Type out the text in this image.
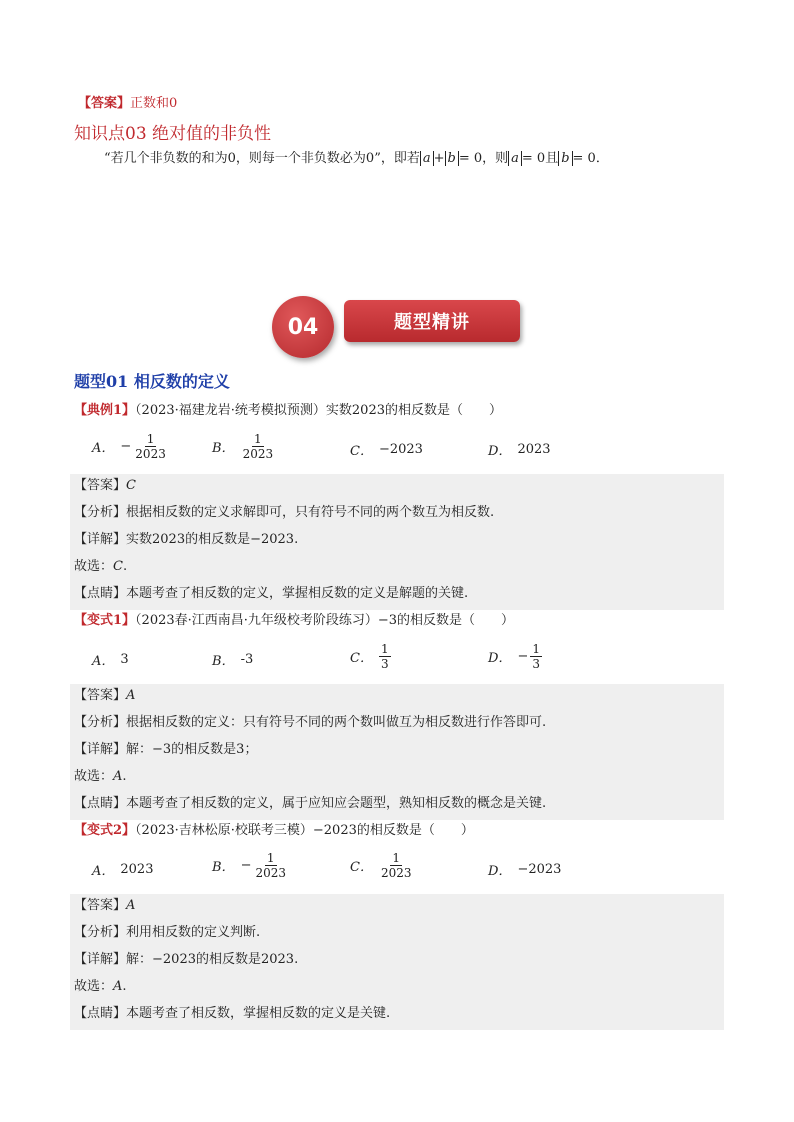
【答案】正数和0
知识点03 绝对值的非负性
“若几个非负数的和为0，则每一个非负数必为0”，即若 a + b = 0，则 a = 0且 b = 0．
04	题型精讲
题型01 相反数的定义
【典例1】（2023·福建龙岩·统考模拟预测）实数2023的相反数是（　　）
A． − $\frac{1}{2023}$	B． $\frac{1}{2023}$	C． −2023	D． 2023
【答案】C
【分析】根据相反数的定义求解即可，只有符号不同的两个数互为相反数.
【详解】实数2023的相反数是−2023.
故选：C.
【点睛】本题考查了相反数的定义，掌握相反数的定义是解题的关键.
【变式1】（2023春·江西南昌·九年级校考阶段练习）−3的相反数是（　　）
A． 3	B． -3	C． $\frac{1}{3}$	D． − $\frac{1}{3}$
【答案】A
【分析】根据相反数的定义：只有符号不同的两个数叫做互为相反数进行作答即可.
【详解】解：−3的相反数是3；
故选：A.
【点睛】本题考查了相反数的定义，属于应知应会题型，熟知相反数的概念是关键.
【变式2】（2023·吉林松原·校联考三模）−2023的相反数是（　　）
A． 2023	B． − $\frac{1}{2023}$	C． $\frac{1}{2023}$	D． −2023
【答案】A
【分析】利用相反数的定义判断.
【详解】解：−2023的相反数是2023.
故选：A.
【点睛】本题考查了相反数，掌握相反数的定义是关键.
